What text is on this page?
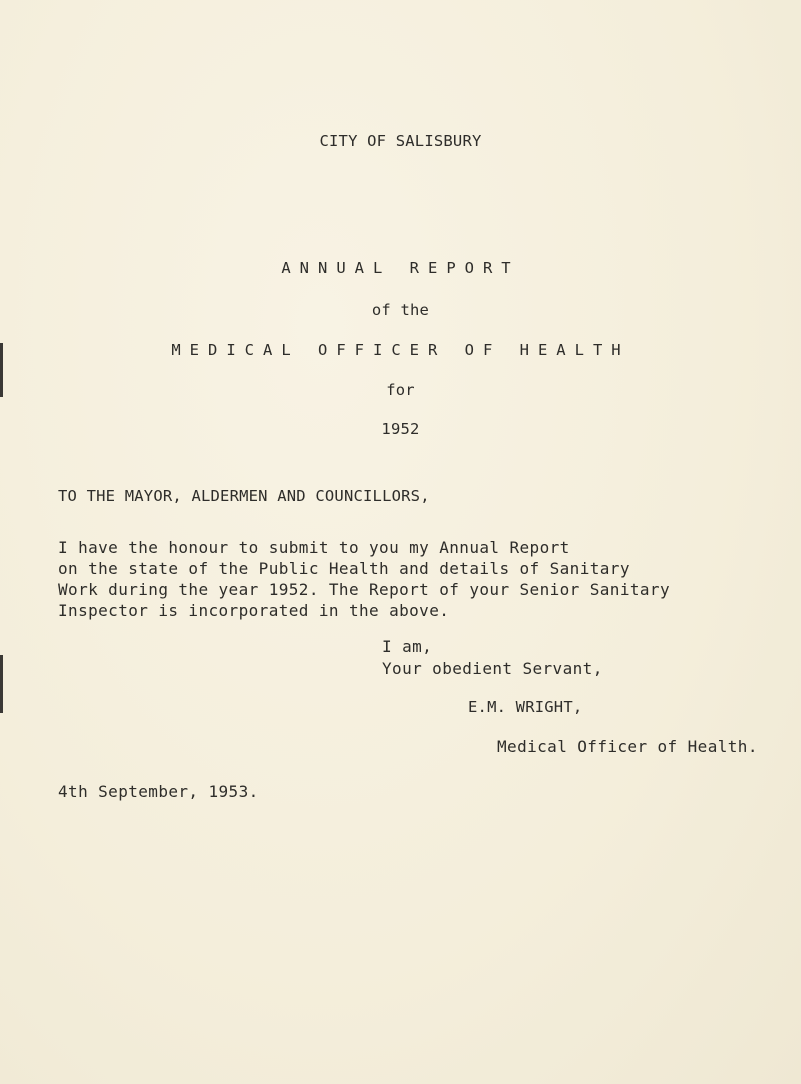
CITY OF SALISBURY
ANNUAL REPORT
of the
MEDICAL OFFICER OF HEALTH
for
1952
TO THE MAYOR, ALDERMEN AND COUNCILLORS,
I have the honour to submit to you my Annual Report
on the state of the Public Health and details of Sanitary
Work during the year 1952. The Report of your Senior Sanitary
Inspector is incorporated in the above.
I am,
Your obedient Servant,
E.M. WRIGHT,
Medical Officer of Health.
4th September, 1953.
